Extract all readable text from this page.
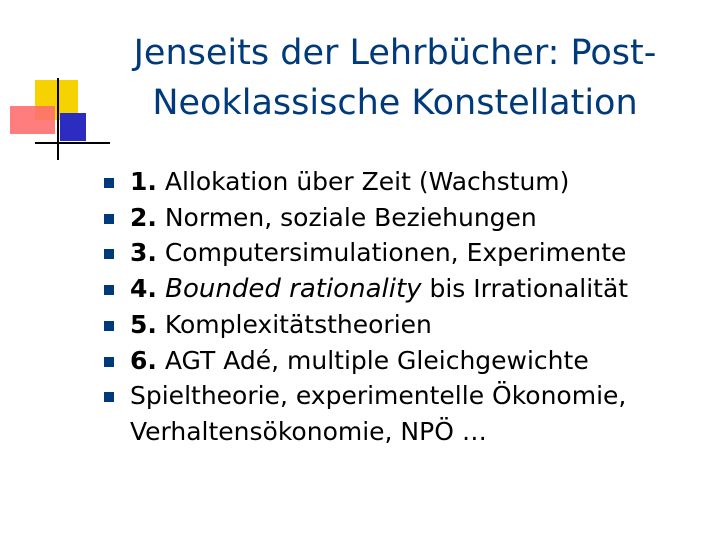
Jenseits der Lehrbücher: Post-
Neoklassische Konstellation
1. Allokation über Zeit (Wachstum)
2. Normen, soziale Beziehungen
3. Computersimulationen, Experimente
4. Bounded rationality bis Irrationalität
5. Komplexitätstheorien
6. AGT Adé, multiple Gleichgewichte
Spieltheorie, experimentelle Ökonomie,
Verhaltensökonomie, NPÖ …
